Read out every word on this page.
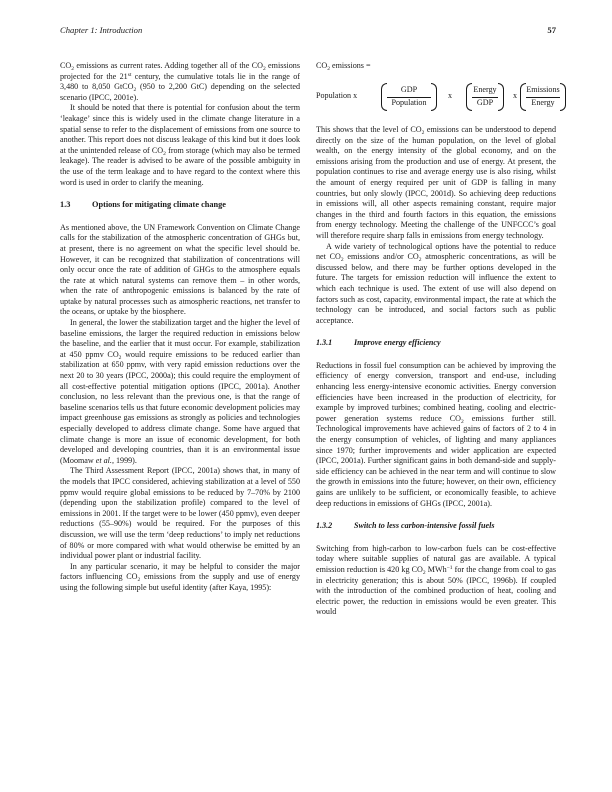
Chapter 1: Introduction	57

$CO_2$ emissions as current rates. Adding together all of the $CO_2$ emissions projected for the 21st century, the cumulative totals lie in the range of 3,480 to 8,050 GtCO$_2$ (950 to 2,200 GtC) depending on the selected scenario (IPCC, 2001e).

It should be noted that there is potential for confusion about the term ‘leakage’ since this is widely used in the climate change literature in a spatial sense to refer to the displacement of emissions from one source to another. This report does not discuss leakage of this kind but it does look at the unintended release of $CO_2$ from storage (which may also be termed leakage). The reader is advised to be aware of the possible ambiguity in the use of the term leakage and to have regard to the context where this word is used in order to clarify the meaning.

1.3	Options for mitigating climate change

As mentioned above, the UN Framework Convention on Climate Change calls for the stabilization of the atmospheric concentration of GHGs but, at present, there is no agreement on what the specific level should be. However, it can be recognized that stabilization of concentrations will only occur once the rate of addition of GHGs to the atmosphere equals the rate at which natural systems can remove them – in other words, when the rate of anthropogenic emissions is balanced by the rate of uptake by natural processes such as atmospheric reactions, net transfer to the oceans, or uptake by the biosphere.

In general, the lower the stabilization target and the higher the level of baseline emissions, the larger the required reduction in emissions below the baseline, and the earlier that it must occur. For example, stabilization at 450 ppmv $CO_2$ would require emissions to be reduced earlier than stabilization at 650 ppmv, with very rapid emission reductions over the next 20 to 30 years (IPCC, 2000a); this could require the employment of all cost-effective potential mitigation options (IPCC, 2001a). Another conclusion, no less relevant than the previous one, is that the range of baseline scenarios tells us that future economic development policies may impact greenhouse gas emissions as strongly as policies and technologies especially developed to address climate change. Some have argued that climate change is more an issue of economic development, for both developed and developing countries, than it is an environmental issue (Moomaw et al., 1999).

The Third Assessment Report (IPCC, 2001a) shows that, in many of the models that IPCC considered, achieving stabilization at a level of 550 ppmv would require global emissions to be reduced by 7–70% by 2100 (depending upon the stabilization profile) compared to the level of emissions in 2001. If the target were to be lower (450 ppmv), even deeper reductions (55–90%) would be required. For the purposes of this discussion, we will use the term ‘deep reductions’ to imply net reductions of 80% or more compared with what would otherwise be emitted by an individual power plant or industrial facility.

In any particular scenario, it may be helpful to consider the major factors influencing $CO_2$ emissions from the supply and use of energy using the following simple but useful identity (after Kaya, 1995):

$CO_2$ emissions =
Population x
GDP
Population
x
Energy
GDP
x
Emissions
Energy

This shows that the level of $CO_2$ emissions can be understood to depend directly on the size of the human population, on the level of global wealth, on the energy intensity of the global economy, and on the emissions arising from the production and use of energy. At present, the population continues to rise and average energy use is also rising, whilst the amount of energy required per unit of GDP is falling in many countries, but only slowly (IPCC, 2001d). So achieving deep reductions in emissions will, all other aspects remaining constant, require major changes in the third and fourth factors in this equation, the emissions from energy technology. Meeting the challenge of the UNFCCC’s goal will therefore require sharp falls in emissions from energy technology.

A wide variety of technological options have the potential to reduce net $CO_2$ emissions and/or $CO_2$ atmospheric concentrations, as will be discussed below, and there may be further options developed in the future. The targets for emission reduction will influence the extent to which each technique is used. The extent of use will also depend on factors such as cost, capacity, environmental impact, the rate at which the technology can be introduced, and social factors such as public acceptance.

1.3.1	Improve energy efficiency

Reductions in fossil fuel consumption can be achieved by improving the efficiency of energy conversion, transport and end-use, including enhancing less energy-intensive economic activities. Energy conversion efficiencies have been increased in the production of electricity, for example by improved turbines; combined heating, cooling and electric-power generation systems reduce $CO_2$ emissions further still. Technological improvements have achieved gains of factors of 2 to 4 in the energy consumption of vehicles, of lighting and many appliances since 1970; further improvements and wider application are expected (IPCC, 2001a). Further significant gains in both demand-side and supply-side efficiency can be achieved in the near term and will continue to slow the growth in emissions into the future; however, on their own, efficiency gains are unlikely to be sufficient, or economically feasible, to achieve deep reductions in emissions of GHGs (IPCC, 2001a).

1.3.2	Switch to less carbon-intensive fossil fuels

Switching from high-carbon to low-carbon fuels can be cost-effective today where suitable supplies of natural gas are available. A typical emission reduction is 420 kg $CO_2$ MWh$^{-1}$ for the change from coal to gas in electricity generation; this is about 50% (IPCC, 1996b). If coupled with the introduction of the combined production of heat, cooling and electric power, the reduction in emissions would be even greater. This would
